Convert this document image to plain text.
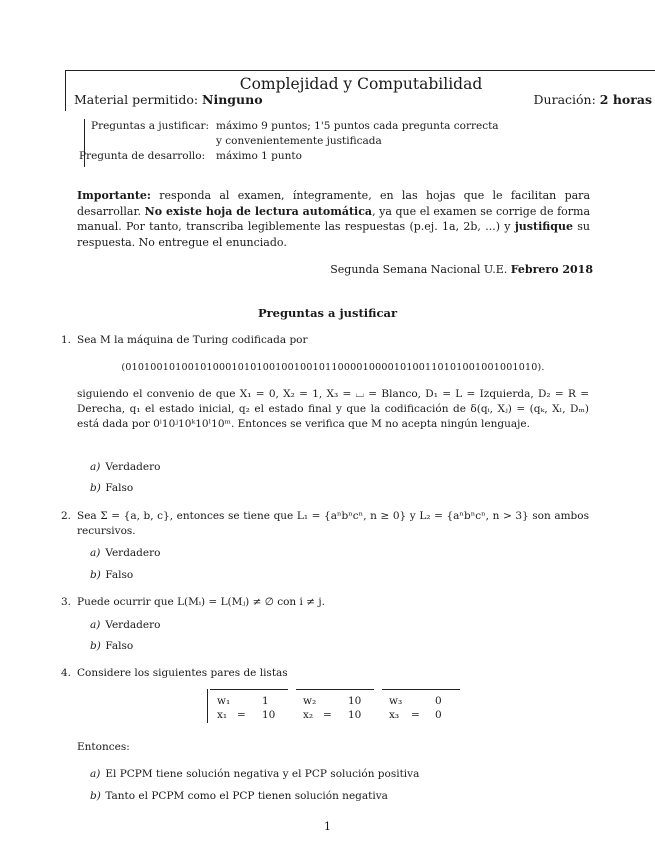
Complejidad y Computabilidad
Material permitido: Ninguno	Duración: 2 horas
Preguntas a justificar: máximo 9 puntos; 1'5 puntos cada pregunta correcta
y convenientemente justificada
Pregunta de desarrollo: máximo 1 punto
Importante: responda al examen, íntegramente, en las hojas que le facilitan para desarrollar. No existe hoja de lectura automática, ya que el examen se corrige de forma manual. Por tanto, transcriba legiblemente las respuestas (p.ej. 1a, 2b, ...) y justifique su respuesta. No entregue el enunciado.
Segunda Semana Nacional U.E. Febrero 2018
Preguntas a justificar
1. Sea M la máquina de Turing codificada por
(010100101001010001010100100100101100001000010100110101001001001010).
siguiendo el convenio de que X₁ = 0, X₂ = 1, X₃ = ⌴ = Blanco, D₁ = L = Izquierda, D₂ = R = Derecha, q₁ el estado inicial, q₂ el estado final y que la codificación de δ(qᵢ, Xⱼ) = (qₖ, Xₗ, Dₘ) está dada por 0ⁱ10ʲ10ᵏ10ˡ10ᵐ. Entonces se verifica que M no acepta ningún lenguaje.
a) Verdadero
b) Falso
2. Sea Σ = {a, b, c}, entonces se tiene que L₁ = {aⁿbⁿcⁿ, n ≥ 0} y L₂ = {aⁿbⁿcⁿ, n > 3} son ambos recursivos.
a) Verdadero
b) Falso
3. Puede ocurrir que L(Mᵢ) = L(Mⱼ) ≠ ∅ con i ≠ j.
a) Verdadero
b) Falso
4. Considere los siguientes pares de listas
w₁	1
x₁ = 10
w₂	10
x₂ = 10
w₃	0
x₃ = 0
Entonces:
a) El PCPM tiene solución negativa y el PCP solución positiva
b) Tanto el PCPM como el PCP tienen solución negativa
1
